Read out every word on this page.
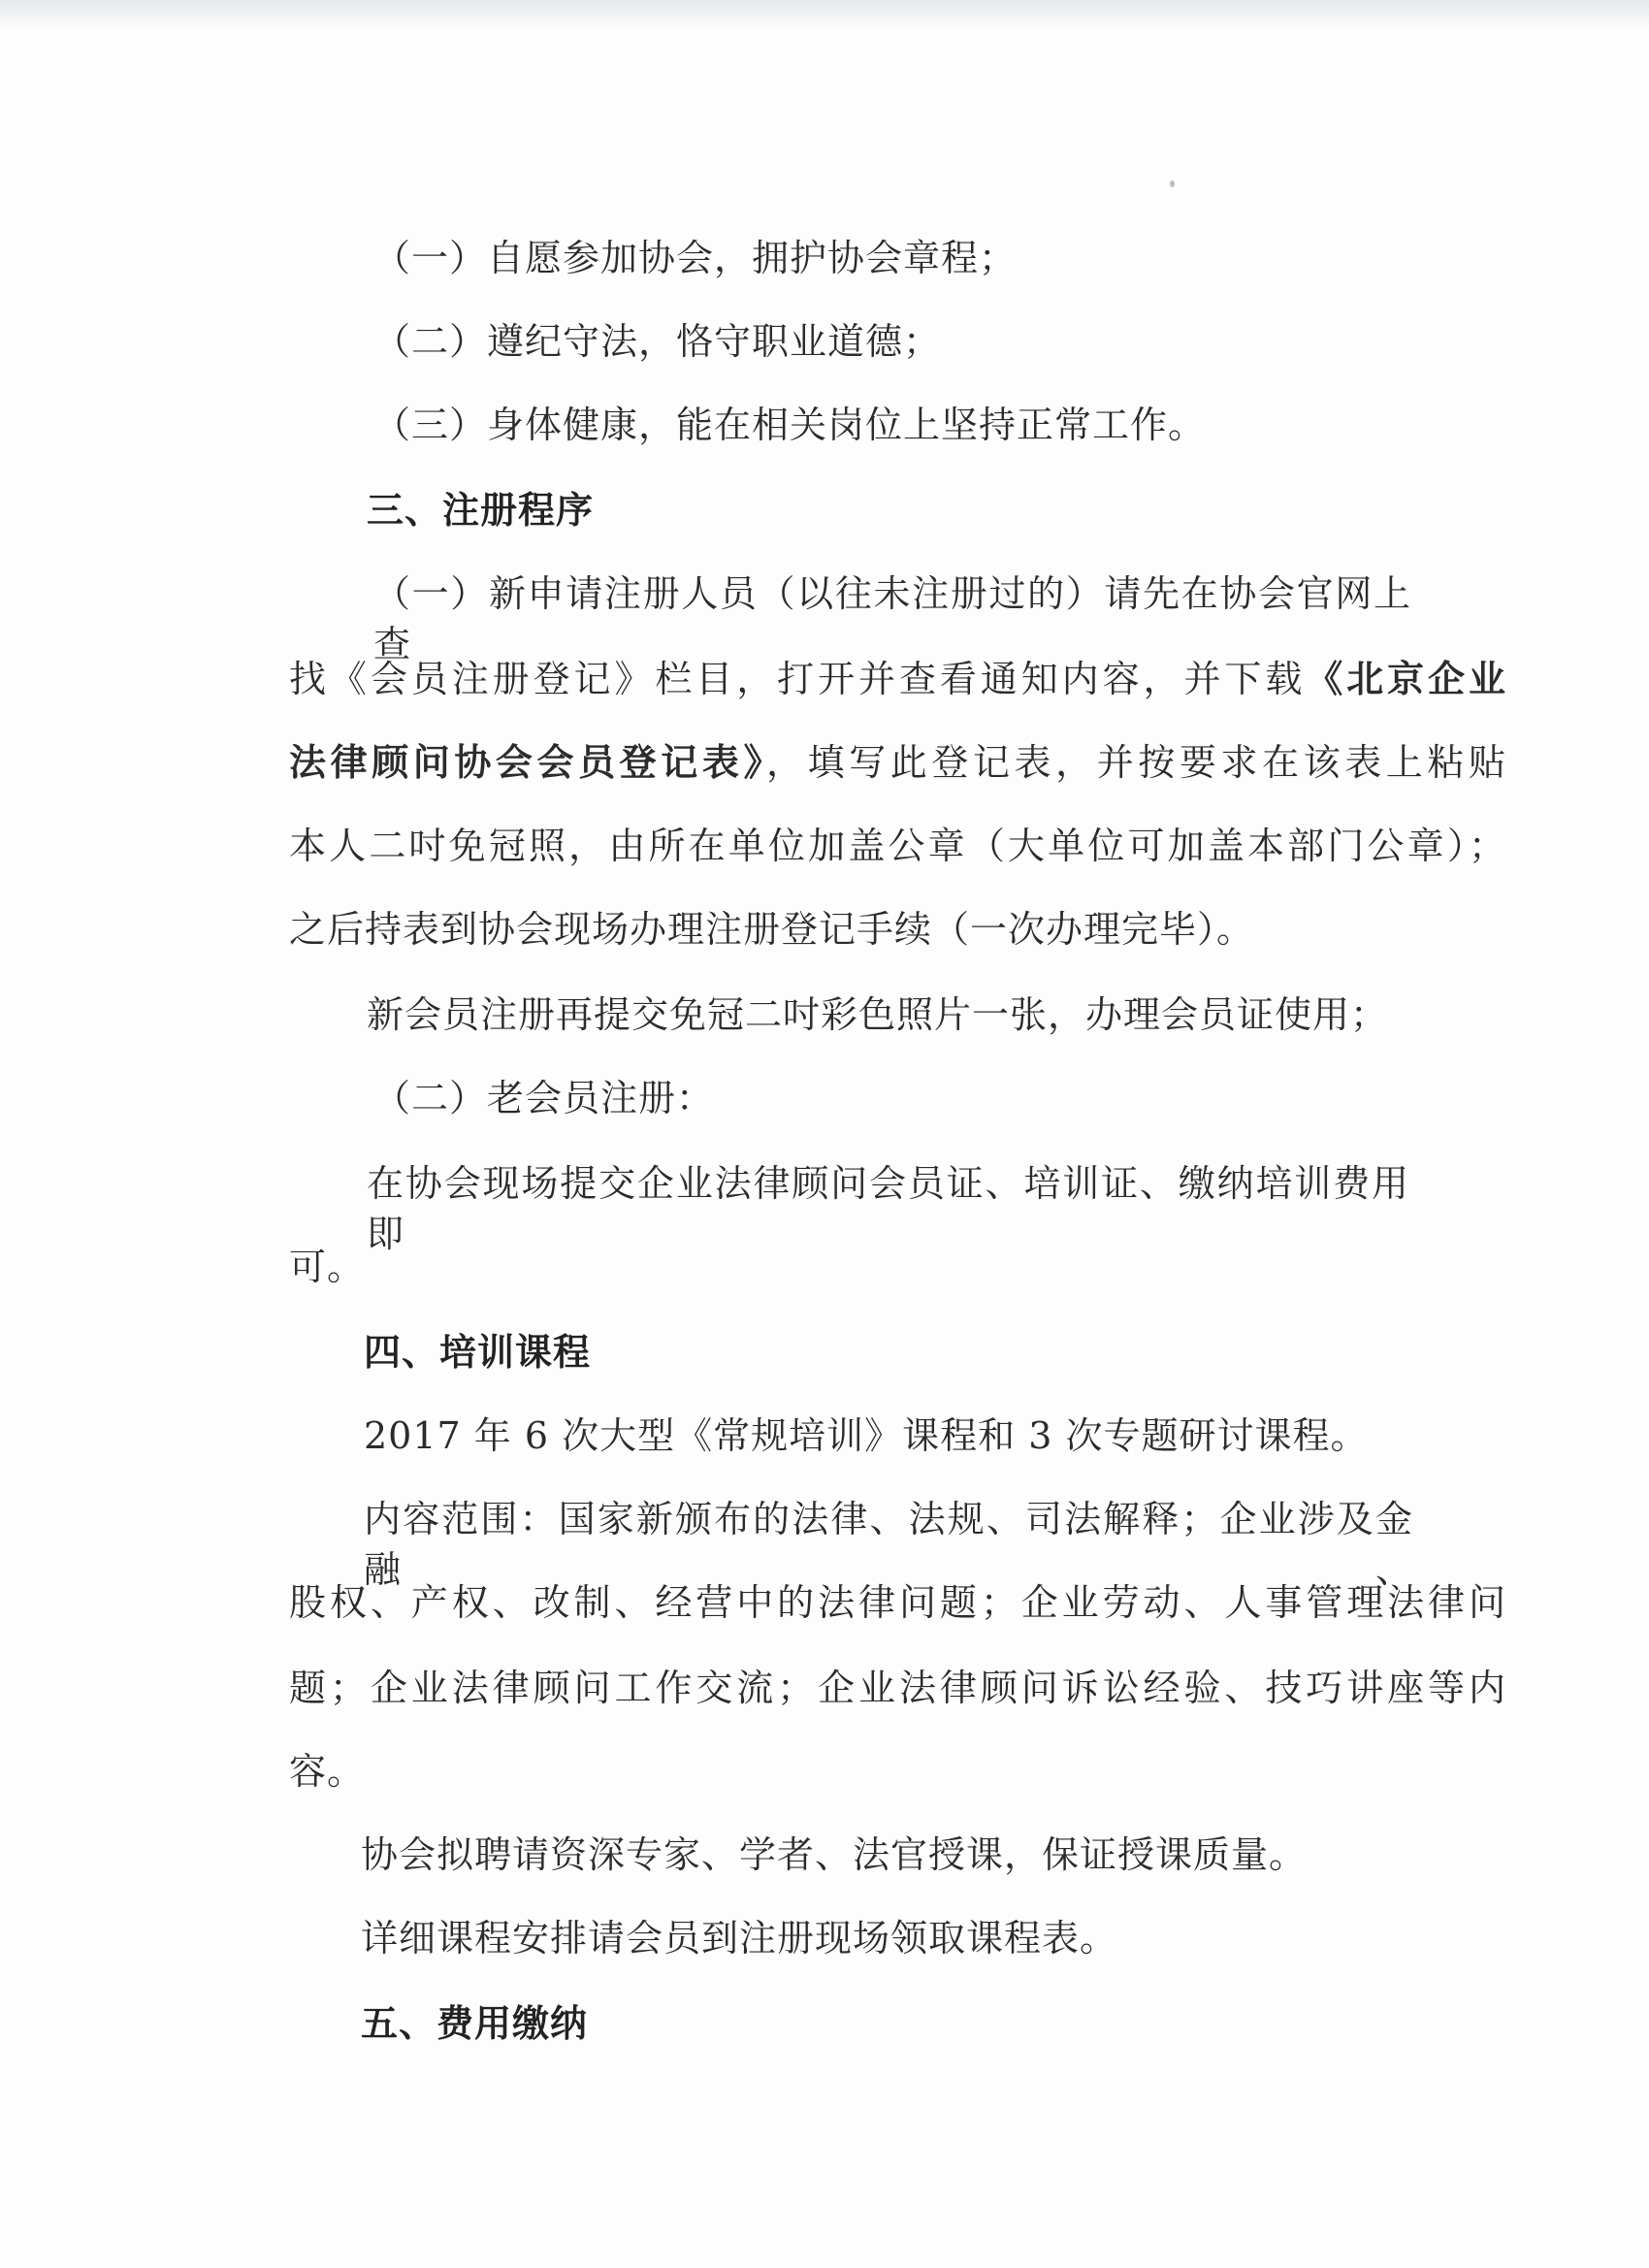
（一）自愿参加协会，拥护协会章程；
（二）遵纪守法，恪守职业道德；
（三）身体健康，能在相关岗位上坚持正常工作。
三、注册程序
（一）新申请注册人员（以往未注册过的）请先在协会官网上查
找《会员注册登记》栏目，打开并查看通知内容，并下载《北京企业
法律顾问协会会员登记表》，填写此登记表，并按要求在该表上粘贴
本人二吋免冠照，由所在单位加盖公章（大单位可加盖本部门公章）；
之后持表到协会现场办理注册登记手续（一次办理完毕）。
新会员注册再提交免冠二吋彩色照片一张，办理会员证使用；
（二）老会员注册：
在协会现场提交企业法律顾问会员证、培训证、缴纳培训费用即
可。
四、培训课程
2017 年 6 次大型《常规培训》课程和 3 次专题研讨课程。
内容范围：国家新颁布的法律、法规、司法解释；企业涉及金融、
股权、产权、改制、经营中的法律问题；企业劳动、人事管理法律问
题；企业法律顾问工作交流；企业法律顾问诉讼经验、技巧讲座等内
容。
协会拟聘请资深专家、学者、法官授课，保证授课质量。
详细课程安排请会员到注册现场领取课程表。
五、费用缴纳
